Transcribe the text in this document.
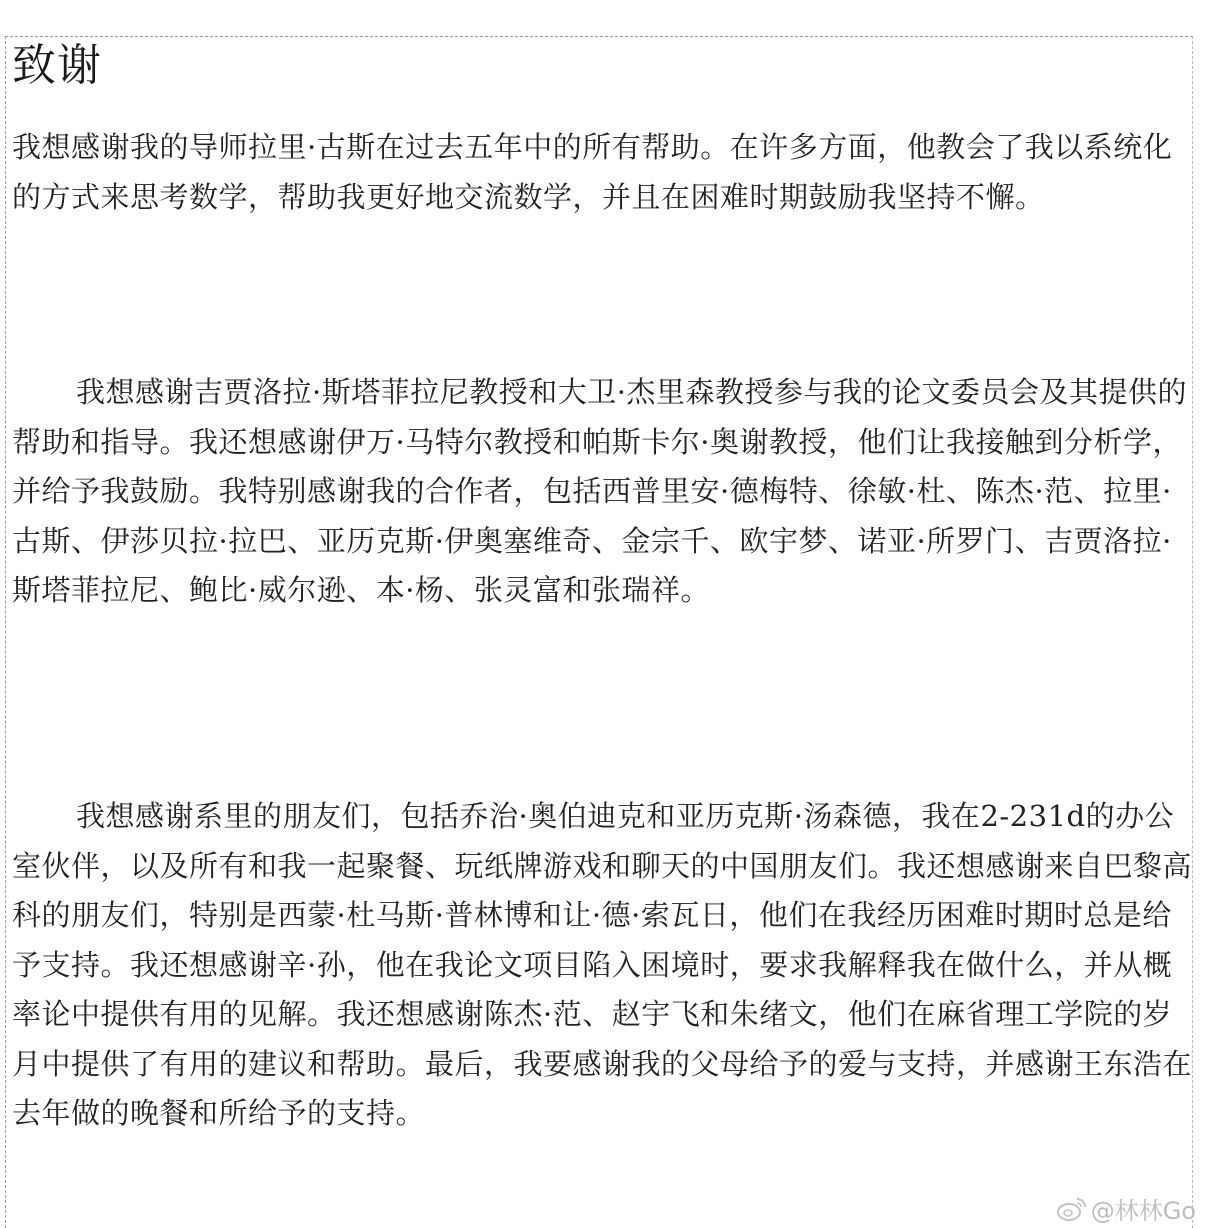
致谢

我想感谢我的导师拉里·古斯在过去五年中的所有帮助。在许多方面，他教会了我以系统化的方式来思考数学，帮助我更好地交流数学，并且在困难时期鼓励我坚持不懈。

我想感谢吉贾洛拉·斯塔菲拉尼教授和大卫·杰里森教授参与我的论文委员会及其提供的帮助和指导。我还想感谢伊万·马特尔教授和帕斯卡尔·奥谢教授，他们让我接触到分析学，并给予我鼓励。我特别感谢我的合作者，包括西普里安·德梅特、徐敏·杜、陈杰·范、拉里·古斯、伊莎贝拉·拉巴、亚历克斯·伊奥塞维奇、金宗千、欧宇梦、诺亚·所罗门、吉贾洛拉·斯塔菲拉尼、鲍比·威尔逊、本·杨、张灵富和张瑞祥。

我想感谢系里的朋友们，包括乔治·奥伯迪克和亚历克斯·汤森德，我在2-231d的办公室伙伴，以及所有和我一起聚餐、玩纸牌游戏和聊天的中国朋友们。我还想感谢来自巴黎高科的朋友们，特别是西蒙·杜马斯·普林博和让·德·索瓦日，他们在我经历困难时期时总是给予支持。我还想感谢辛·孙，他在我论文项目陷入困境时，要求我解释我在做什么，并从概率论中提供有用的见解。我还想感谢陈杰·范、赵宇飞和朱绪文，他们在麻省理工学院的岁月中提供了有用的建议和帮助。最后，我要感谢我的父母给予的爱与支持，并感谢王东浩在去年做的晚餐和所给予的支持。

@林林Go
